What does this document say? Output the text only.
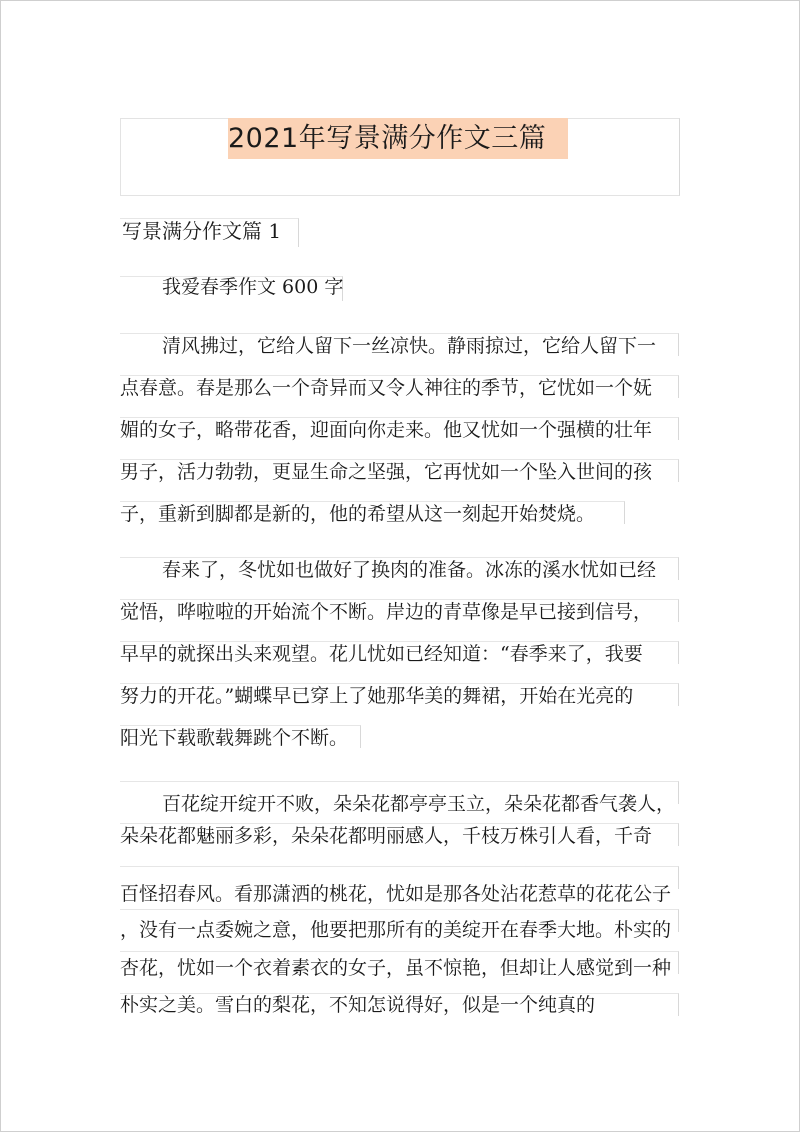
2021年写景满分作文三篇
写景满分作文篇 1
我爱春季作文 600 字
清风拂过，它给人留下一丝凉快。静雨掠过，它给人留下一
点春意。春是那么一个奇异而又令人神往的季节，它忧如一个妩
媚的女子，略带花香，迎面向你走来。他又忧如一个强横的壮年
男子，活力勃勃，更显生命之坚强，它再忧如一个坠入世间的孩
子，重新到脚都是新的，他的希望从这一刻起开始焚烧。
春来了，冬忧如也做好了换肉的准备。冰冻的溪水忧如已经
觉悟，哗啦啦的开始流个不断。岸边的青草像是早已接到信号，
早早的就探出头来观望。花儿忧如已经知道：“春季来了，我要
努力的开花。”蝴蝶早已穿上了她那华美的舞裙，开始在光亮的
阳光下载歌载舞跳个不断。
百花绽开绽开不败，朵朵花都亭亭玉立，朵朵花都香气袭人，
朵朵花都魅丽多彩，朵朵花都明丽感人，千枝万株引人看，千奇
百怪招春风。看那潇洒的桃花，忧如是那各处沾花惹草的花花公子
，没有一点委婉之意，他要把那所有的美绽开在春季大地。朴实的
杏花，忧如一个衣着素衣的女子，虽不惊艳，但却让人感觉到一种
朴实之美。雪白的梨花，不知怎说得好，似是一个纯真的
